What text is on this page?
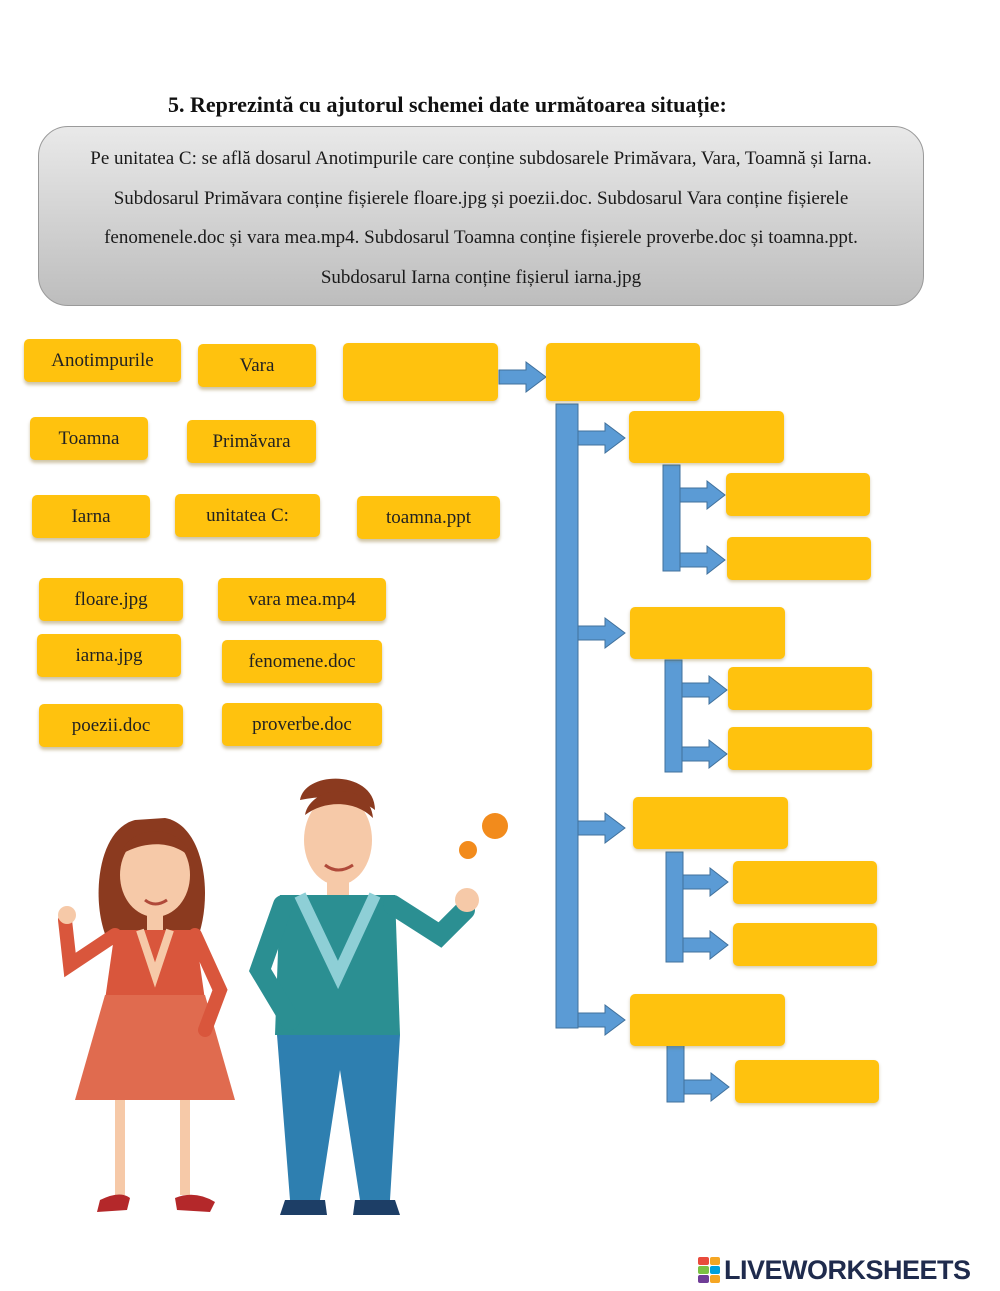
5. Reprezintă cu ajutorul schemei date următoarea situație:
Pe unitatea C: se află dosarul Anotimpurile care conține subdosarele Primăvara, Vara, Toamnă și Iarna. Subdosarul Primăvara conține fișierele floare.jpg și poezii.doc. Subdosarul Vara conține fișierele fenomenele.doc și vara mea.mp4. Subdosarul Toamna conține fișierele proverbe.doc și toamna.ppt. Subdosarul Iarna conține fișierul iarna.jpg
Anotimpurile	Vara
Toamna	Primăvara
Iarna	unitatea C:	toamna.ppt
floare.jpg	vara mea.mp4
iarna.jpg	fenomene.doc
poezii.doc	proverbe.doc
LIVEWORKSHEETS
